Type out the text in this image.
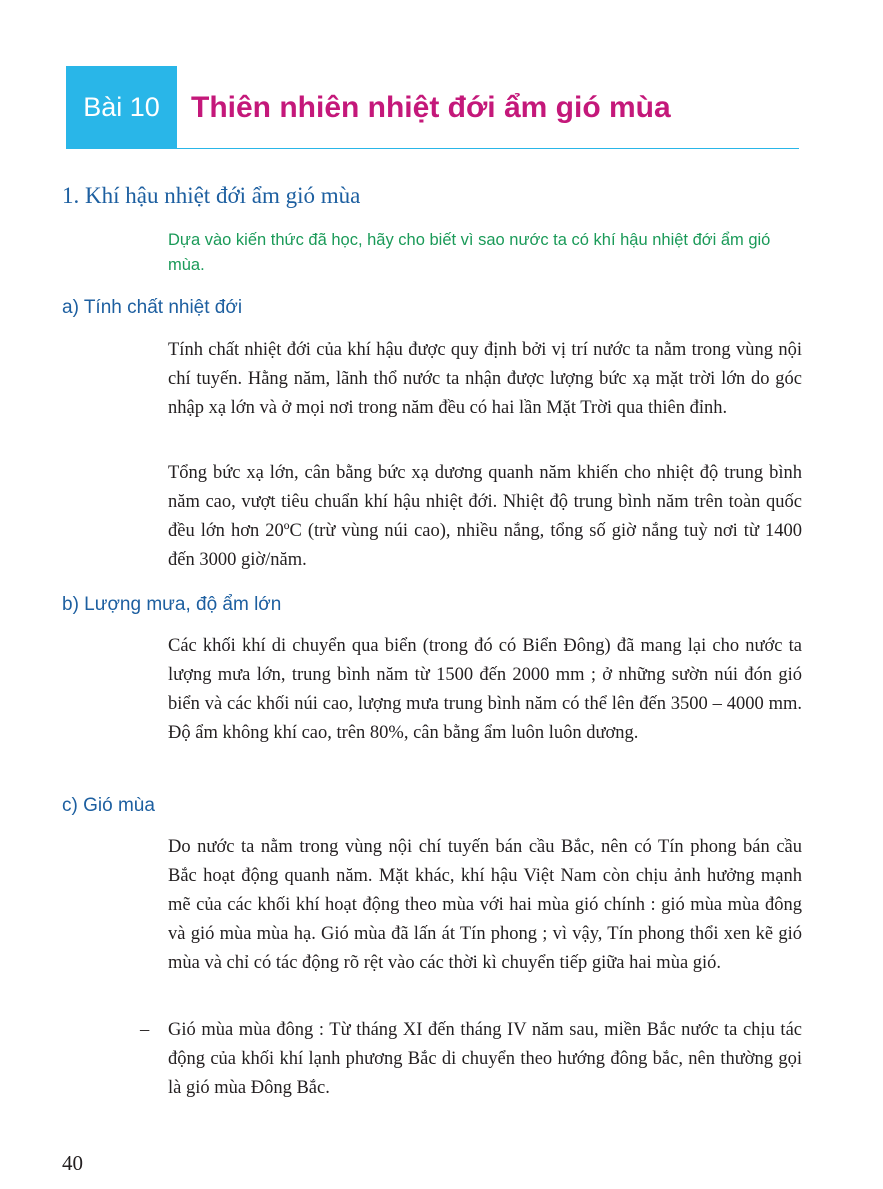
Bài 10	Thiên nhiên nhiệt đới ẩm gió mùa
1. Khí hậu nhiệt đới ẩm gió mùa
Dựa vào kiến thức đã học, hãy cho biết vì sao nước ta có khí hậu nhiệt đới ẩm gió mùa.
a) Tính chất nhiệt đới
Tính chất nhiệt đới của khí hậu được quy định bởi vị trí nước ta nằm trong vùng nội chí tuyến. Hằng năm, lãnh thổ nước ta nhận được lượng bức xạ mặt trời lớn do góc nhập xạ lớn và ở mọi nơi trong năm đều có hai lần Mặt Trời qua thiên đỉnh.
Tổng bức xạ lớn, cân bằng bức xạ dương quanh năm khiến cho nhiệt độ trung bình năm cao, vượt tiêu chuẩn khí hậu nhiệt đới. Nhiệt độ trung bình năm trên toàn quốc đều lớn hơn 20ºC (trừ vùng núi cao), nhiều nắng, tổng số giờ nắng tuỳ nơi từ 1400 đến 3000 giờ/năm.
b) Lượng mưa, độ ẩm lớn
Các khối khí di chuyển qua biển (trong đó có Biển Đông) đã mang lại cho nước ta lượng mưa lớn, trung bình năm từ 1500 đến 2000 mm ; ở những sườn núi đón gió biển và các khối núi cao, lượng mưa trung bình năm có thể lên đến 3500 – 4000 mm. Độ ẩm không khí cao, trên 80%, cân bằng ẩm luôn luôn dương.
c) Gió mùa
Do nước ta nằm trong vùng nội chí tuyến bán cầu Bắc, nên có Tín phong bán cầu Bắc hoạt động quanh năm. Mặt khác, khí hậu Việt Nam còn chịu ảnh hưởng mạnh mẽ của các khối khí hoạt động theo mùa với hai mùa gió chính : gió mùa mùa đông và gió mùa mùa hạ. Gió mùa đã lấn át Tín phong ; vì vậy, Tín phong thổi xen kẽ gió mùa và chỉ có tác động rõ rệt vào các thời kì chuyển tiếp giữa hai mùa gió.
– Gió mùa mùa đông : Từ tháng XI đến tháng IV năm sau, miền Bắc nước ta chịu tác động của khối khí lạnh phương Bắc di chuyển theo hướng đông bắc, nên thường gọi là gió mùa Đông Bắc.
40
